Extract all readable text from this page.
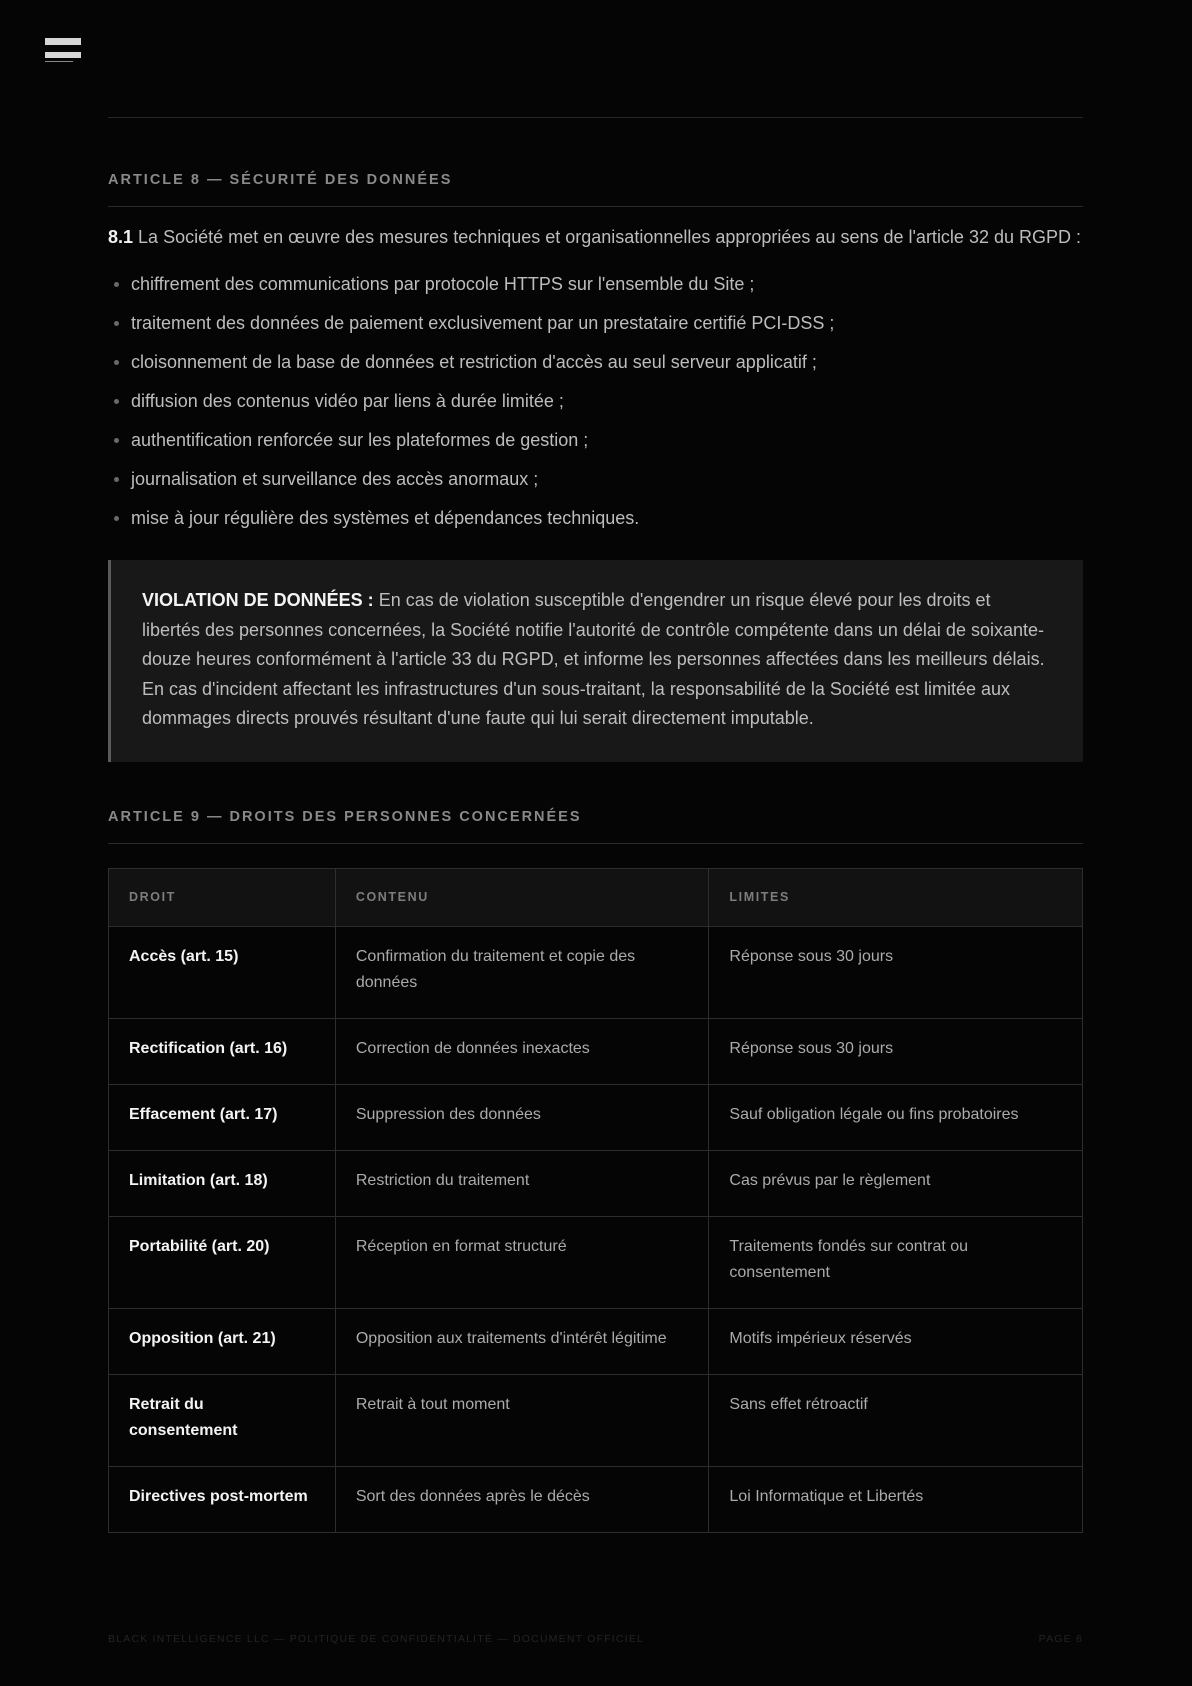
ARTICLE 8 — SÉCURITÉ DES DONNÉES

8.1 La Société met en œuvre des mesures techniques et organisationnelles appropriées au sens de l'article 32 du RGPD :

chiffrement des communications par protocole HTTPS sur l'ensemble du Site ;
traitement des données de paiement exclusivement par un prestataire certifié PCI-DSS ;
cloisonnement de la base de données et restriction d'accès au seul serveur applicatif ;
diffusion des contenus vidéo par liens à durée limitée ;
authentification renforcée sur les plateformes de gestion ;
journalisation et surveillance des accès anormaux ;
mise à jour régulière des systèmes et dépendances techniques.
VIOLATION DE DONNÉES : En cas de violation susceptible d'engendrer un risque élevé pour les droits et libertés des personnes concernées, la Société notifie l'autorité de contrôle compétente dans un délai de soixante-douze heures conformément à l'article 33 du RGPD, et informe les personnes affectées dans les meilleurs délais. En cas d'incident affectant les infrastructures d'un sous-traitant, la responsabilité de la Société est limitée aux dommages directs prouvés résultant d'une faute qui lui serait directement imputable.
ARTICLE 9 — DROITS DES PERSONNES CONCERNÉES
DROIT	CONTENU	LIMITES
Accès (art. 15)	Confirmation du traitement et copie des données	Réponse sous 30 jours
Rectification (art. 16)	Correction de données inexactes	Réponse sous 30 jours
Effacement (art. 17)	Suppression des données	Sauf obligation légale ou fins probatoires
Limitation (art. 18)	Restriction du traitement	Cas prévus par le règlement
Portabilité (art. 20)	Réception en format structuré	Traitements fondés sur contrat ou consentement
Opposition (art. 21)	Opposition aux traitements d'intérêt légitime	Motifs impérieux réservés
Retrait du consentement	Retrait à tout moment	Sans effet rétroactif
Directives post-mortem	Sort des données après le décès	Loi Informatique et Libertés
BLACK INTELLIGENCE LLC — POLITIQUE DE CONFIDENTIALITÉ — DOCUMENT OFFICIEL	PAGE 6
